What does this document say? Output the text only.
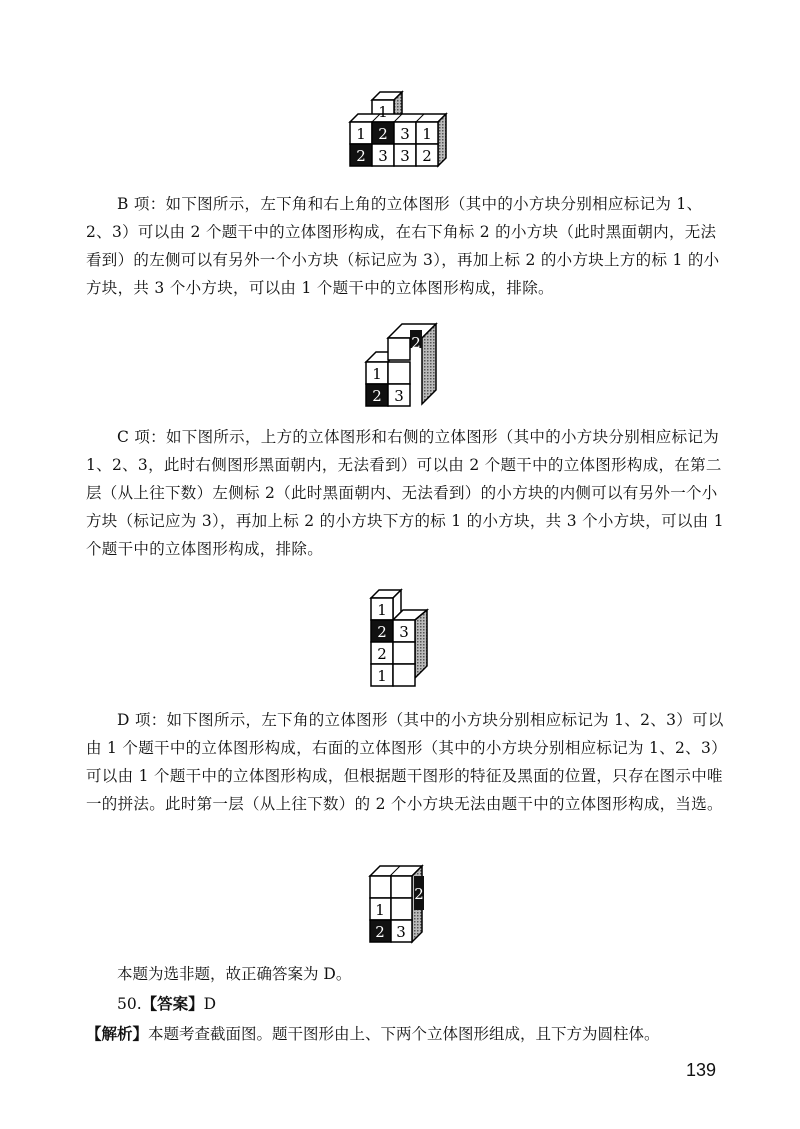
1
1 2 3 1
2 3 3 2

B 项：如下图所示，左下角和右上角的立体图形（其中的小方块分别相应标记为 1、2、3）可以由 2 个题干中的立体图形构成，在右下角标 2 的小方块（此时黑面朝内，无法看到）的左侧可以有另外一个小方块（标记应为 3），再加上标 2 的小方块上方的标 1 的小方块，共 3 个小方块，可以由 1 个题干中的立体图形构成，排除。

2
1
2 3

C 项：如下图所示，上方的立体图形和右侧的立体图形（其中的小方块分别相应标记为 1、2、3，此时右侧图形黑面朝内，无法看到）可以由 2 个题干中的立体图形构成，在第二层（从上往下数）左侧标 2（此时黑面朝内、无法看到）的小方块的内侧可以有另外一个小方块（标记应为 3），再加上标 2 的小方块下方的标 1 的小方块，共 3 个小方块，可以由 1 个题干中的立体图形构成，排除。

1
2 3
2
1

D 项：如下图所示，左下角的立体图形（其中的小方块分别相应标记为 1、2、3）可以由 1 个题干中的立体图形构成，右面的立体图形（其中的小方块分别相应标记为 1、2、3）可以由 1 个题干中的立体图形构成，但根据题干图形的特征及黑面的位置，只存在图示中唯一的拼法。此时第一层（从上往下数）的 2 个小方块无法由题干中的立体图形构成，当选。

2
1
2 3
本题为选非题，故正确答案为 D。
50.【答案】D
【解析】本题考查截面图。题干图形由上、下两个立体图形组成，且下方为圆柱体。
139
